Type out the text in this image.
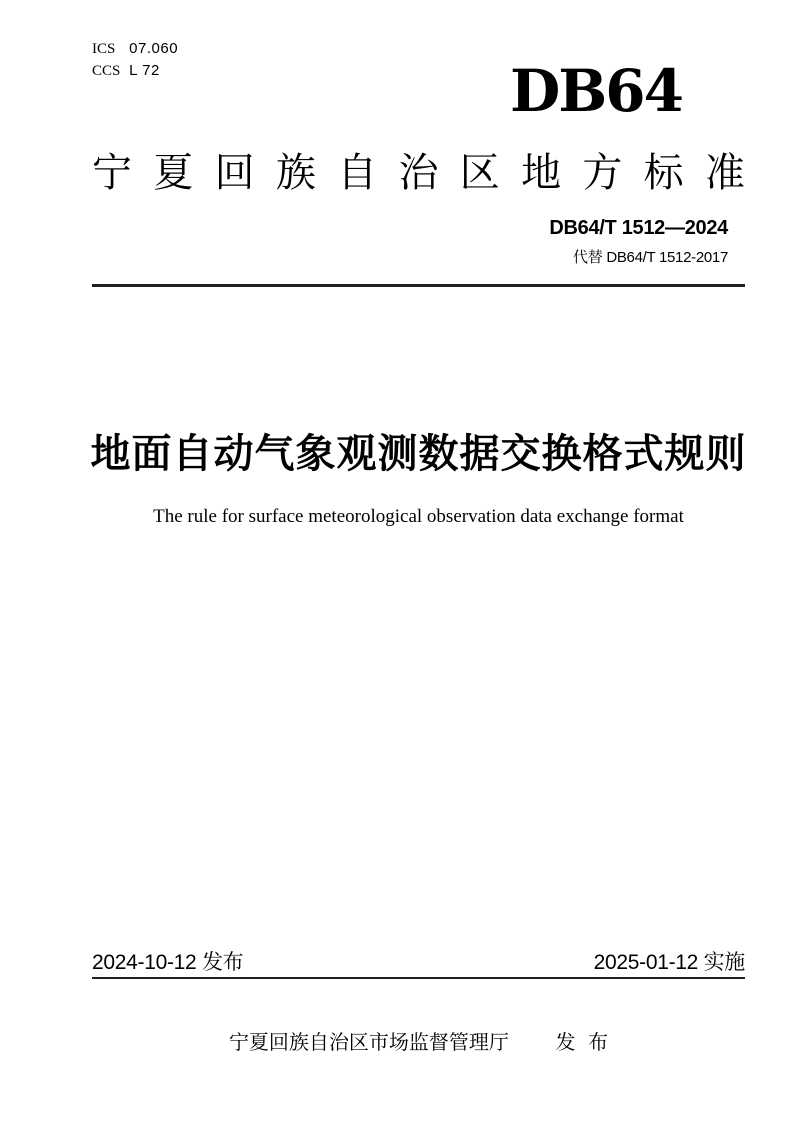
ICS 07.060
CCS L 72	DB64
宁 夏 回 族 自 治 区 地 方 标 准
DB64/T 1512—2024
代替 DB64/T 1512-2017
地面自动气象观测数据交换格式规则
The rule for surface meteorological observation data exchange format
2024-10-12 发布	2025-01-12 实施
宁夏回族自治区市场监督管理厅 发 布
